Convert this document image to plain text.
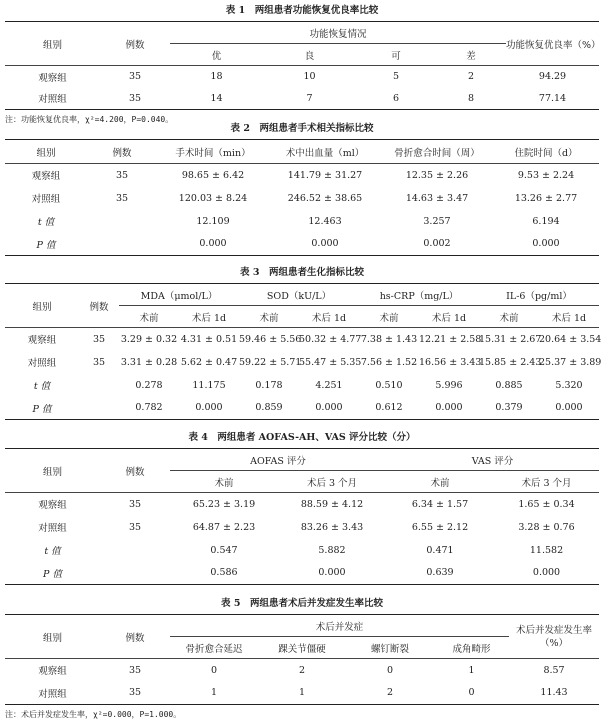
表 1　两组患者功能恢复优良率比较
组别	例数	功能恢复情况				功能恢复优良率（%）
		优	良	可	差	
观察组	35	18	10	5	2	94.29
对照组	35	14	7	6	8	77.14
注：功能恢复优良率，χ²=4.200，P=0.040。
表 2　两组患者手术相关指标比较
组别	例数	手术时间（min）	术中出血量（ml）	骨折愈合时间（周）	住院时间（d）
观察组	35	98.65 ± 6.42	141.79 ± 31.27	12.35 ± 2.26	9.53 ± 2.24
对照组	35	120.03 ± 8.24	246.52 ± 38.65	14.63 ± 3.47	13.26 ± 2.77
t 值		12.109	12.463	3.257	6.194
P 值		0.000	0.000	0.002	0.000
表 3　两组患者生化指标比较
组别	例数	MDA（μmol/L）		SOD（kU/L）		hs-CRP（mg/L）		IL-6（pg/ml）	
		术前	术后 1d	术前	术后 1d	术前	术后 1d	术前	术后 1d
观察组	35	3.29 ± 0.32	4.31 ± 0.51	59.46 ± 5.56	50.32 ± 4.77	7.38 ± 1.43	12.21 ± 2.58	15.31 ± 2.67	20.64 ± 3.54
对照组	35	3.31 ± 0.28	5.62 ± 0.47	59.22 ± 5.71	55.47 ± 5.35	7.56 ± 1.52	16.56 ± 3.43	15.85 ± 2.43	25.37 ± 3.89
t 值		0.278	11.175	0.178	4.251	0.510	5.996	0.885	5.320
P 值		0.782	0.000	0.859	0.000	0.612	0.000	0.379	0.000
表 4　两组患者 AOFAS-AH、VAS 评分比较（分）
组别	例数	AOFAS 评分		VAS 评分	
		术前	术后 3 个月	术前	术后 3 个月
观察组	35	65.23 ± 3.19	88.59 ± 4.12	6.34 ± 1.57	1.65 ± 0.34
对照组	35	64.87 ± 2.23	83.26 ± 3.43	6.55 ± 2.12	3.28 ± 0.76
t 值		0.547	5.882	0.471	11.582
P 值		0.586	0.000	0.639	0.000
表 5　两组患者术后并发症发生率比较
组别	例数	术后并发症				术后并发症发生率（%）
		骨折愈合延迟	踝关节僵硬	螺钉断裂	成角畸形	
观察组	35	0	2	0	1	8.57
对照组	35	1	1	2	0	11.43
注：术后并发症发生率，χ²=0.000，P=1.000。
